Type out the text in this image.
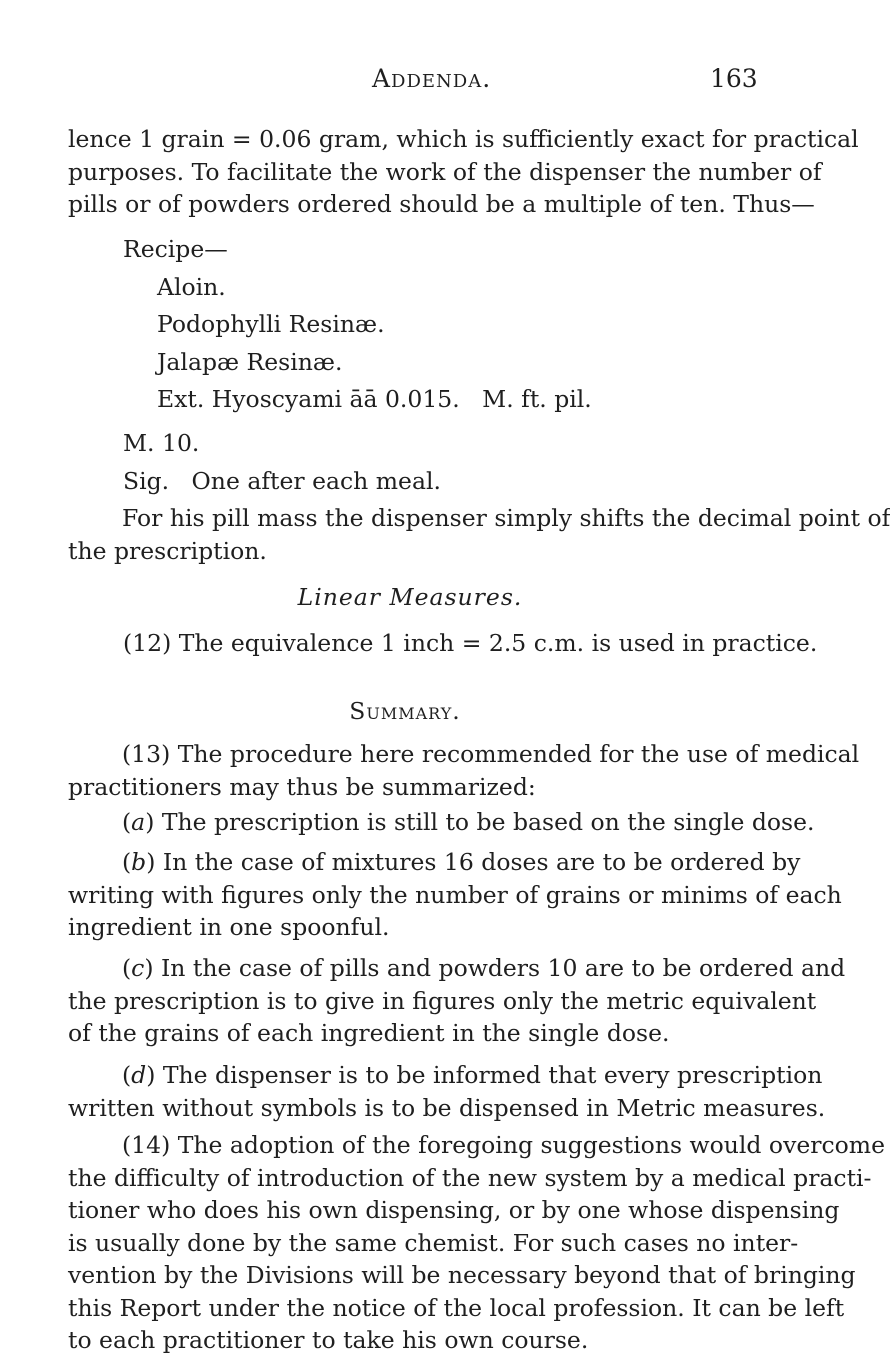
Addenda.	163
lence 1 grain = 0.06 gram, which is sufficiently exact for practical
purposes. To facilitate the work of the dispenser the number of
pills or of powders ordered should be a multiple of ten. Thus—
Recipe—
Aloin.
Podophylli Resinæ.
Jalapæ Resinæ.
Ext. Hyoscyami āā 0.015.   M. ft. pil.
M. 10.
Sig.   One after each meal.
For his pill mass the dispenser simply shifts the decimal point of
the prescription.
Linear Measures.
(12) The equivalence 1 inch = 2.5 c.m. is used in practice.
Summary.
(13) The procedure here recommended for the use of medical
practitioners may thus be summarized:
(a) The prescription is still to be based on the single dose.
(b) In the case of mixtures 16 doses are to be ordered by
writing with figures only the number of grains or minims of each
ingredient in one spoonful.
(c) In the case of pills and powders 10 are to be ordered and
the prescription is to give in figures only the metric equivalent
of the grains of each ingredient in the single dose.
(d) The dispenser is to be informed that every prescription
written without symbols is to be dispensed in Metric measures.
(14) The adoption of the foregoing suggestions would overcome
the difficulty of introduction of the new system by a medical practi-
tioner who does his own dispensing, or by one whose dispensing
is usually done by the same chemist. For such cases no inter-
vention by the Divisions will be necessary beyond that of bringing
this Report under the notice of the local profession. It can be left
to each practitioner to take his own course.
